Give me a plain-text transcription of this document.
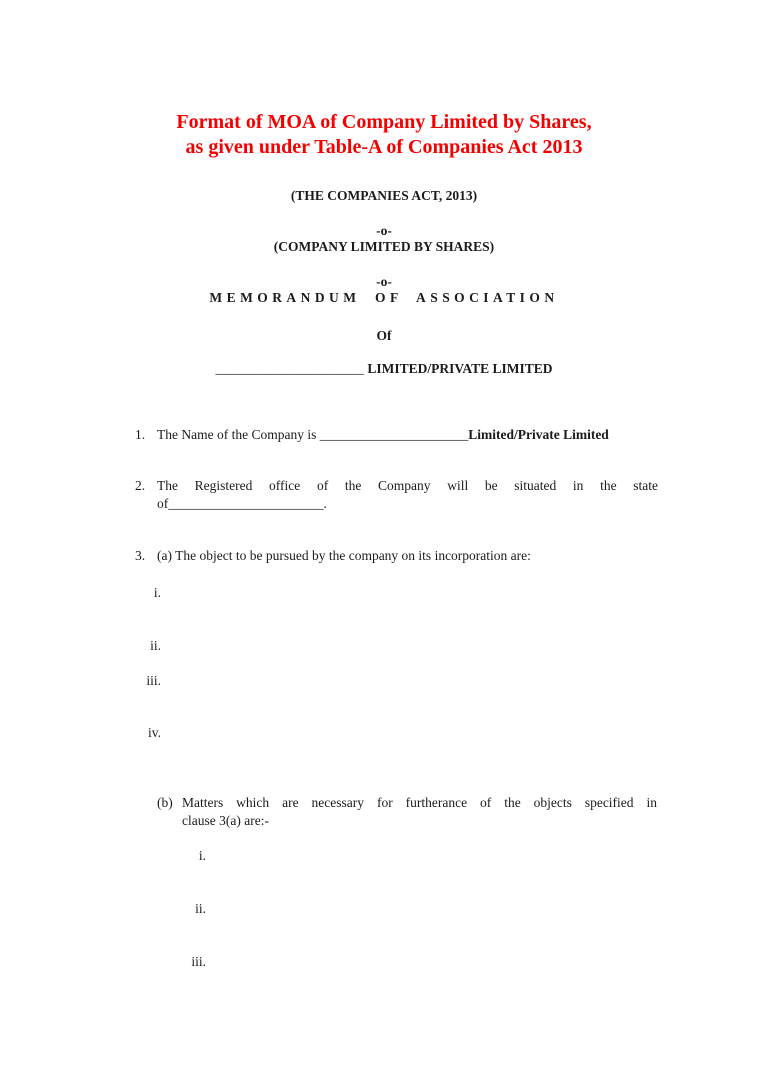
Format of MOA of Company Limited by Shares,
as given under Table-A of Companies Act 2013
(THE COMPANIES ACT, 2013)
-o-
(COMPANY LIMITED BY SHARES)
-o-
MEMORANDUM OF ASSOCIATION
Of
______________________ LIMITED/PRIVATE LIMITED
1. The Name of the Company is ______________________Limited/Private Limited
2. The Registered office of the Company will be situated in the state
of_______________________.
3. (a) The object to be pursued by the company on its incorporation are:
i.
ii.
iii.
iv.
(b) Matters which are necessary for furtherance of the objects specified in
clause 3(a) are:-
i.
ii.
iii.
